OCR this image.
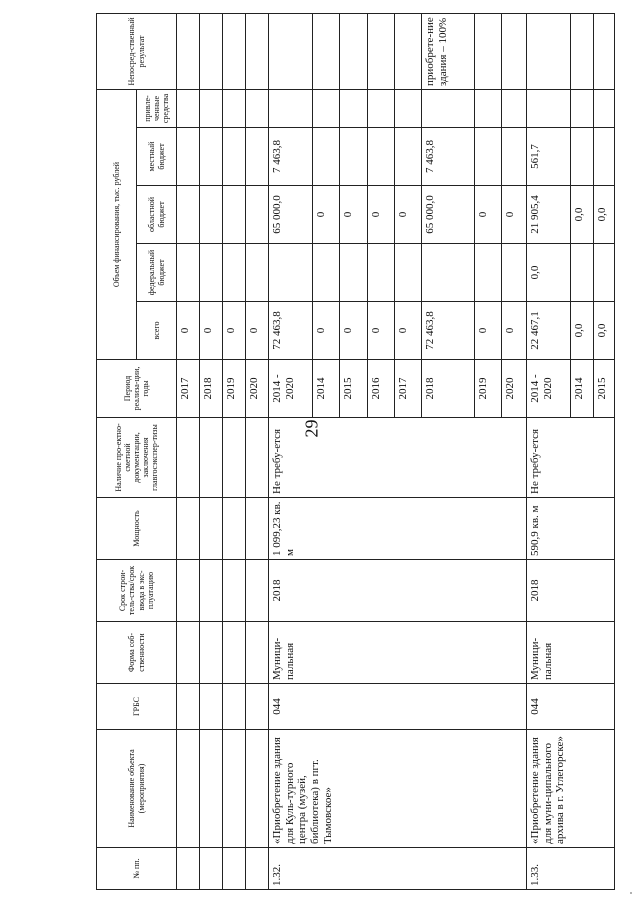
29
№ пп.	Наименование объекта (мероприятия)	ГРБС	Форма соб-ственности	Срок строи-тель-ства/срок ввода в экс-плуатацию	Мощность	Наличие про-ектно-сметной документации, заключения главгосэкспер-тизы	Период реализа-ции, годы	Объем финансирования, тыс. рублей					Непосред-ственный результат
								всего	федеральный бюджет	областной бюджет	местный бюджет	привле-ченные средства	
							2017	0					
							2018	0					
							2019	0					
							2020	0					
1.32.	«Приобретение здания для Куль-турного центра (музей, библиотека) в пгт. Тымовское»	044	Муници-пальная	2018	1 099,23 кв. м	Не требу-ется	2014 - 2020	72 463,8		65 000,0	7 463,8		
							2014	0		0			
							2015	0		0			
							2016	0		0			
							2017	0		0			
							2018	72 463,8		65 000,0	7 463,8		приобрете-ние здания – 100%
							2019	0		0			
							2020	0		0			
1.33.	«Приобретение здания для муни-ципального архива в г. Углегорске»	044	Муници-пальная	2018	590,9 кв. м	Не требу-ется	2014 - 2020	22 467,1	0,0	21 905,4	561,7		
							2014	0,0		0,0			
							2015	0,0		0,0			
